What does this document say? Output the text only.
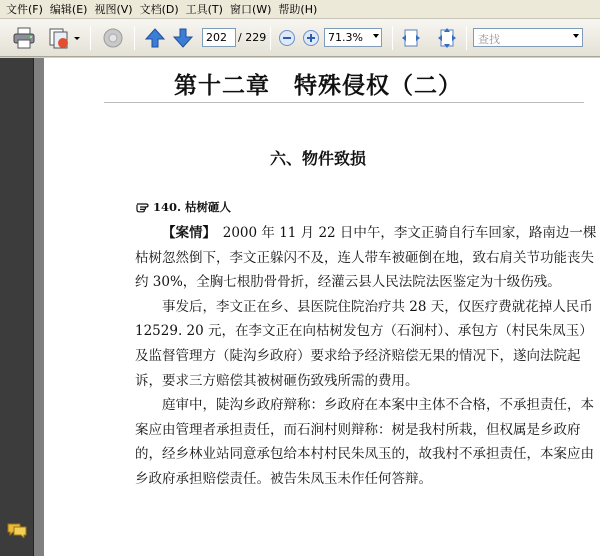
文件(F) 编辑(E) 视图(V) 文档(D) 工具(T) 窗口(W) 帮助(H)
202	/ 229	71.3%	查找
第十二章　特殊侵权（二）
六、物件致损
140. 枯树砸人

【案情】　2000 年 11 月 22 日中午，李文正骑自行车回家，路南边一棵枯树忽然倒下，李文正躲闪不及，连人带车被砸倒在地，致右肩关节功能丧失约 30%，全胸七根肋骨骨折，经灌云县人民法院法医鉴定为十级伤残。

事发后，李文正在乡、县医院住院治疗共 28 天，仅医疗费就花掉人民币 12529. 20 元，在李文正在向枯树发包方（石涧村）、承包方（村民朱凤玉）及监督管理方（陡沟乡政府）要求给予经济赔偿无果的情况下，遂向法院起诉，要求三方赔偿其被树砸伤致残所需的费用。

庭审中，陡沟乡政府辩称：乡政府在本案中主体不合格，不承担责任，本案应由管理者承担责任，而石涧村则辩称：树是我村所栽，但权属是乡政府的，经乡林业站同意承包给本村村民朱凤玉的，故我村不承担责任，本案应由乡政府承担赔偿责任。被告朱凤玉未作任何答辩。
